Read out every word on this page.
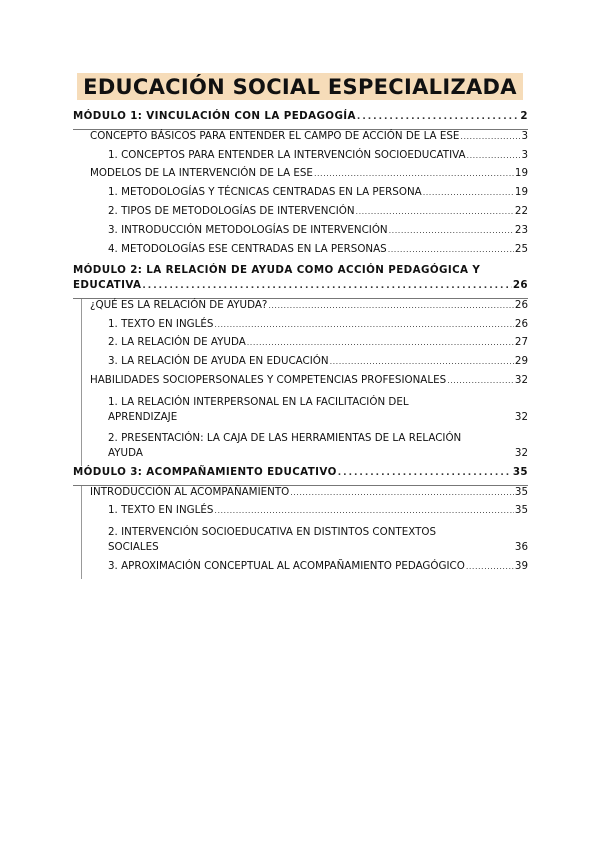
EDUCACIÓN SOCIAL ESPECIALIZADA
MÓDULO 1: VINCULACIÓN CON LA PEDAGOGÍA .....	2
CONCEPTO BÁSICOS PARA ENTENDER EL CAMPO DE ACCIÓN DE LA ESE .....	3
1. CONCEPTOS PARA ENTENDER LA INTERVENCIÓN SOCIOEDUCATIVA .....	3
MODELOS DE LA INTERVENCIÓN DE LA ESE .....	19
1. METODOLOGÍAS Y TÉCNICAS CENTRADAS EN LA PERSONA .....	19
2. TIPOS DE METODOLOGÍAS DE INTERVENCIÓN .....	22
3. INTRODUCCIÓN METODOLOGÍAS DE INTERVENCIÓN .....	23
4. METODOLOGÍAS ESE CENTRADAS EN LA PERSONAS .....	25
MÓDULO 2: LA RELACIÓN DE AYUDA COMO ACCIÓN PEDAGÓGICA Y
EDUCATIVA .....	26
¿QUÉ ES LA RELACIÓN DE AYUDA? .....	26
1. TEXTO EN INGLÉS .....	26
2. LA RELACIÓN DE AYUDA .....	27
3. LA RELACIÓN DE AYUDA EN EDUCACIÓN .....	29
HABILIDADES SOCIOPERSONALES Y COMPETENCIAS PROFESIONALES .....	32
1. LA RELACIÓN INTERPERSONAL EN LA FACILITACIÓN DEL
APRENDIZAJE	32
2. PRESENTACIÓN: LA CAJA DE LAS HERRAMIENTAS DE LA RELACIÓN
AYUDA	32
MÓDULO 3: ACOMPAÑAMIENTO EDUCATIVO .....	35
INTRODUCCIÓN AL ACOMPAÑAMIENTO .....	35
1. TEXTO EN INGLÉS .....	35
2. INTERVENCIÓN SOCIOEDUCATIVA EN DISTINTOS CONTEXTOS
SOCIALES	36
3. APROXIMACIÓN CONCEPTUAL AL ACOMPAÑAMIENTO PEDAGÓGICO .....	39
